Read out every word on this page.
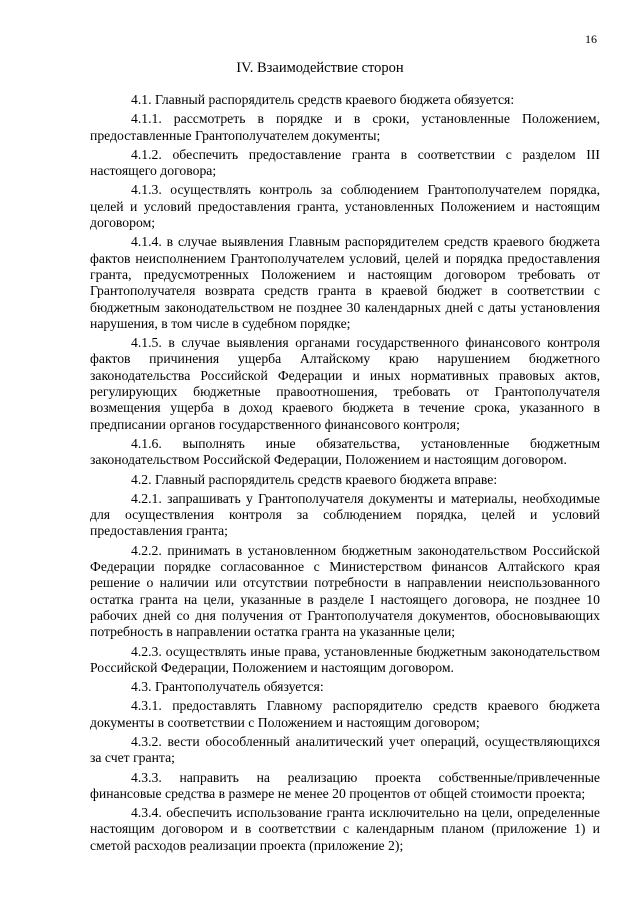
16
IV. Взаимодействие сторон

4.1. Главный распорядитель средств краевого бюджета обязуется:

4.1.1. рассмотреть в порядке и в сроки, установленные Положением, предоставленные Грантополучателем документы;

4.1.2. обеспечить предоставление гранта в соответствии с разделом III настоящего договора;

4.1.3. осуществлять контроль за соблюдением Грантополучателем порядка, целей и условий предоставления гранта, установленных Положением и настоящим договором;

4.1.4. в случае выявления Главным распорядителем средств краевого бюджета фактов неисполнением Грантополучателем условий, целей и порядка предоставления гранта, предусмотренных Положением и настоящим договором требовать от Грантополучателя возврата средств гранта в краевой бюджет в соответствии с бюджетным законодательством не позднее 30 календарных дней с даты установления нарушения, в том числе в судебном порядке;

4.1.5. в случае выявления органами государственного финансового контроля фактов причинения ущерба Алтайскому краю нарушением бюджетного законодательства Российской Федерации и иных нормативных правовых актов, регулирующих бюджетные правоотношения, требовать от Грантополучателя возмещения ущерба в доход краевого бюджета в течение срока, указанного в предписании органов государственного финансового контроля;

4.1.6. выполнять иные обязательства, установленные бюджетным законодательством Российской Федерации, Положением и настоящим договором.

4.2. Главный распорядитель средств краевого бюджета вправе:

4.2.1. запрашивать у Грантополучателя документы и материалы, необходимые для осуществления контроля за соблюдением порядка, целей и условий предоставления гранта;

4.2.2. принимать в установленном бюджетным законодательством Российской Федерации порядке согласованное с Министерством финансов Алтайского края решение о наличии или отсутствии потребности в направлении неиспользованного остатка гранта на цели, указанные в разделе I настоящего договора, не позднее 10 рабочих дней со дня получения от Грантополучателя документов, обосновывающих потребность в направлении остатка гранта на указанные цели;

4.2.3. осуществлять иные права, установленные бюджетным законодательством Российской Федерации, Положением и настоящим договором.

4.3. Грантополучатель обязуется:

4.3.1. предоставлять Главному распорядителю средств краевого бюджета документы в соответствии с Положением и настоящим договором;

4.3.2. вести обособленный аналитический учет операций, осуществляющихся за счет гранта;

4.3.3. направить на реализацию проекта собственные/привлеченные финансовые средства в размере не менее 20 процентов от общей стоимости проекта;

4.3.4. обеспечить использование гранта исключительно на цели, определенные настоящим договором и в соответствии с календарным планом (приложение 1) и сметой расходов реализации проекта (приложение 2);
